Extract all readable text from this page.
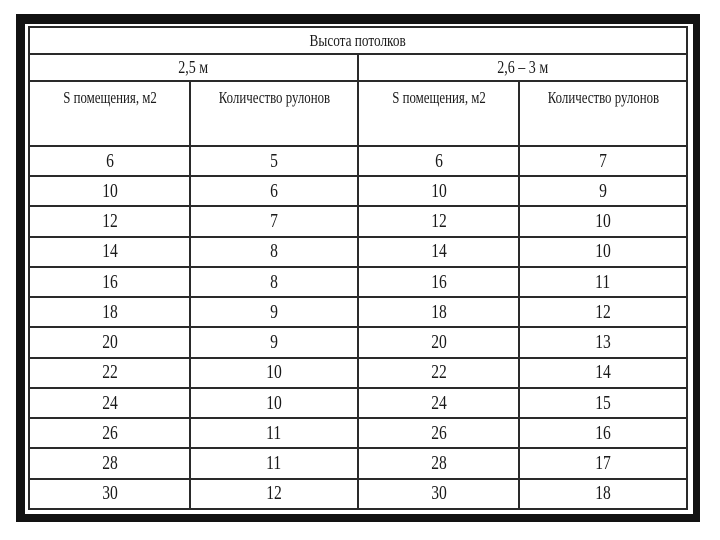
Высота потолков			
2,5 м		2,6 – 3 м	
S помещения, м2	Количество рулонов	S помещения, м2	Количество рулонов
6	5	6	7
10	6	10	9
12	7	12	10
14	8	14	10
16	8	16	11
18	9	18	12
20	9	20	13
22	10	22	14
24	10	24	15
26	11	26	16
28	11	28	17
30	12	30	18
